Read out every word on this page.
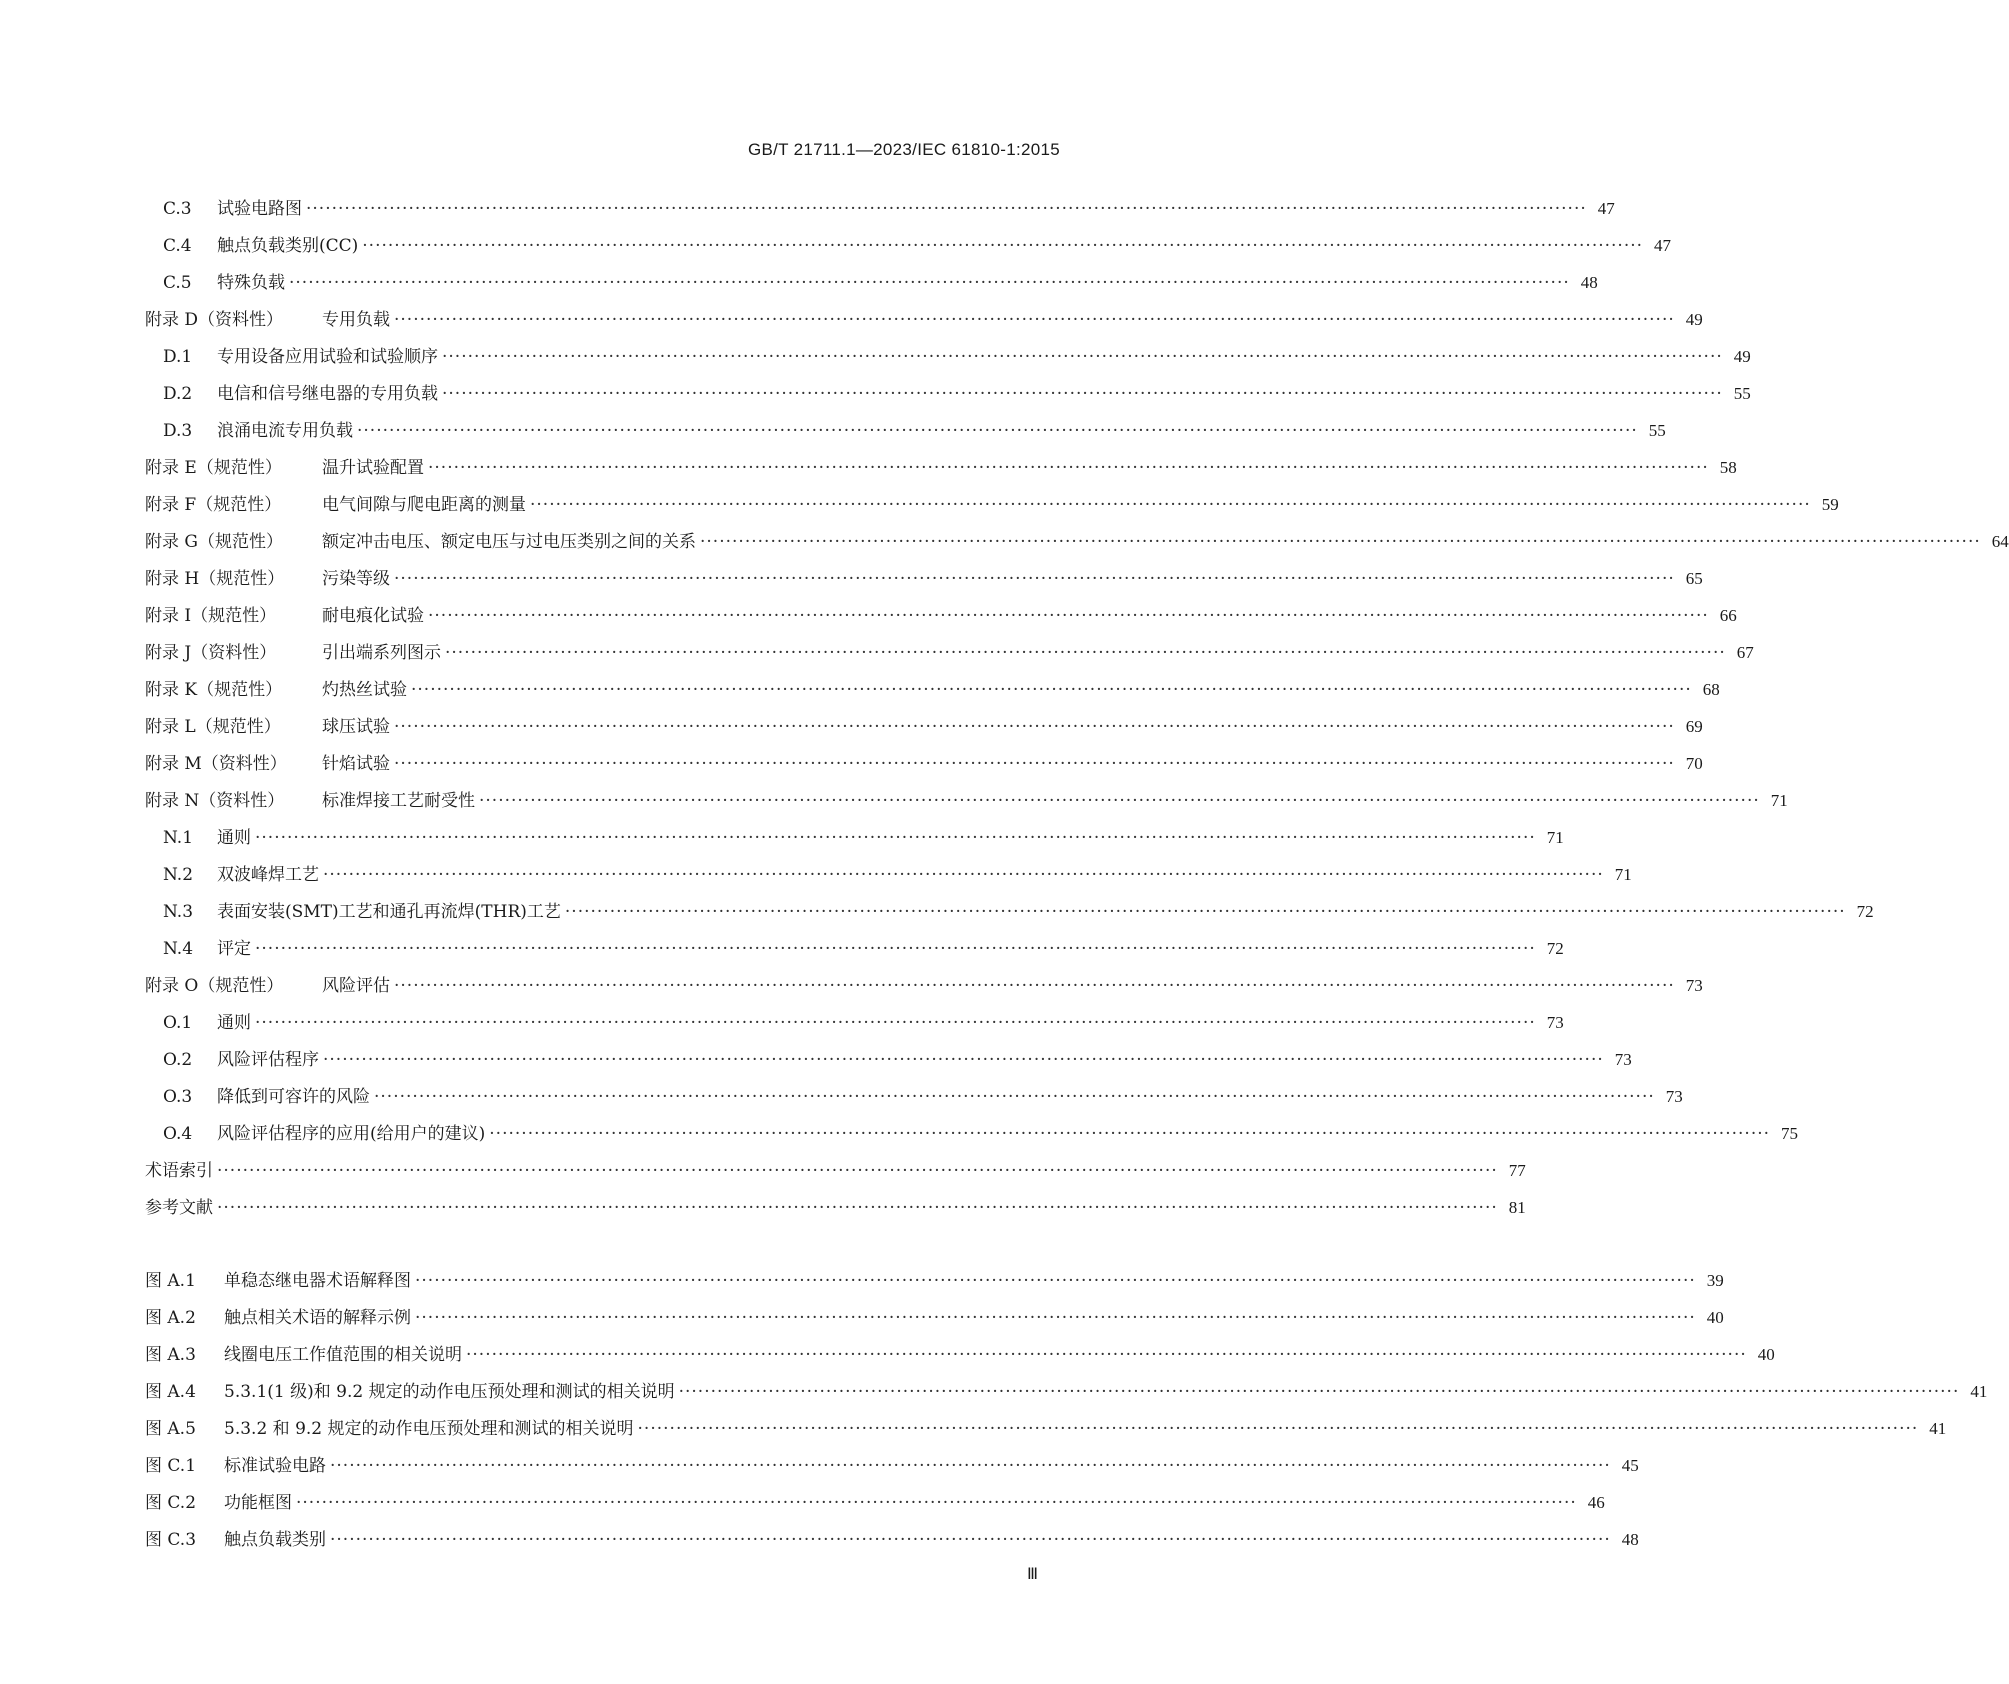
GB/T 21711.1—2023/IEC 61810-1:2015
C.3	试验电路图 ········································································································································································································ 47
C.4	触点负载类别(CC) ········································································································································································································ 47
C.5	特殊负载 ········································································································································································································ 48
附录 D（资料性）	专用负载 ········································································································································································································ 49
D.1	专用设备应用试验和试验顺序 ········································································································································································································ 49
D.2	电信和信号继电器的专用负载 ········································································································································································································ 55
D.3	浪涌电流专用负载 ········································································································································································································ 55
附录 E（规范性）	温升试验配置 ········································································································································································································ 58
附录 F（规范性）	电气间隙与爬电距离的测量 ········································································································································································································ 59
附录 G（规范性）	额定冲击电压、额定电压与过电压类别之间的关系 ········································································································································································································ 64
附录 H（规范性）	污染等级 ········································································································································································································ 65
附录 I（规范性）	耐电痕化试验 ········································································································································································································ 66
附录 J（资料性）	引出端系列图示 ········································································································································································································ 67
附录 K（规范性）	灼热丝试验 ········································································································································································································ 68
附录 L（规范性）	球压试验 ········································································································································································································ 69
附录 M（资料性）	针焰试验 ········································································································································································································ 70
附录 N（资料性）	标准焊接工艺耐受性 ········································································································································································································ 71
N.1	通则 ········································································································································································································ 71
N.2	双波峰焊工艺 ········································································································································································································ 71
N.3	表面安装(SMT)工艺和通孔再流焊(THR)工艺 ········································································································································································································ 72
N.4	评定 ········································································································································································································ 72
附录 O（规范性）	风险评估 ········································································································································································································ 73
O.1	通则 ········································································································································································································ 73
O.2	风险评估程序 ········································································································································································································ 73
O.3	降低到可容许的风险 ········································································································································································································ 73
O.4	风险评估程序的应用(给用户的建议) ········································································································································································································ 75
术语索引 ········································································································································································································ 77
参考文献 ········································································································································································································ 81
图 A.1	单稳态继电器术语解释图 ········································································································································································································ 39
图 A.2	触点相关术语的解释示例 ········································································································································································································ 40
图 A.3	线圈电压工作值范围的相关说明 ········································································································································································································ 40
图 A.4	5.3.1(1 级)和 9.2 规定的动作电压预处理和测试的相关说明 ········································································································································································································ 41
图 A.5	5.3.2 和 9.2 规定的动作电压预处理和测试的相关说明 ········································································································································································································ 41
图 C.1	标准试验电路 ········································································································································································································ 45
图 C.2	功能框图 ········································································································································································································ 46
图 C.3	触点负载类别 ········································································································································································································ 48
Ⅲ
